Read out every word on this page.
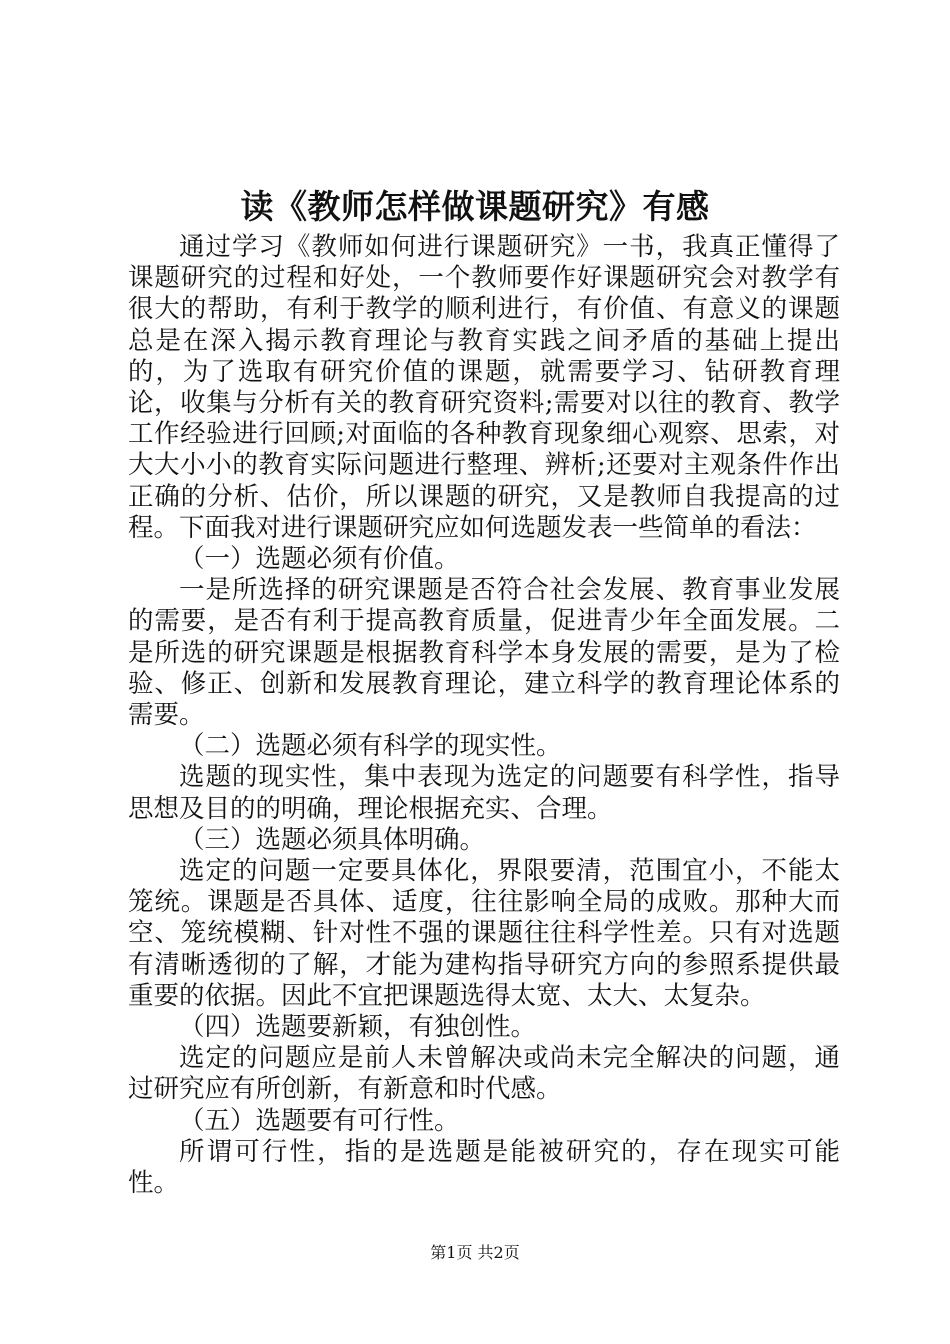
读《教师怎样做课题研究》有感

通过学习《教师如何进行课题研究》一书，我真正懂得了课题研究的过程和好处，一个教师要作好课题研究会对教学有很大的帮助，有利于教学的顺利进行，有价值、有意义的课题总是在深入揭示教育理论与教育实践之间矛盾的基础上提出的，为了选取有研究价值的课题，就需要学习、钻研教育理论，收集与分析有关的教育研究资料;需要对以往的教育、教学工作经验进行回顾;对面临的各种教育现象细心观察、思索，对大大小小的教育实际问题进行整理、辨析;还要对主观条件作出正确的分析、估价，所以课题的研究，又是教师自我提高的过程。下面我对进行课题研究应如何选题发表一些简单的看法：

（一）选题必须有价值。

一是所选择的研究课题是否符合社会发展、教育事业发展的需要，是否有利于提高教育质量，促进青少年全面发展。二是所选的研究课题是根据教育科学本身发展的需要，是为了检验、修正、创新和发展教育理论，建立科学的教育理论体系的需要。

（二）选题必须有科学的现实性。

选题的现实性，集中表现为选定的问题要有科学性，指导思想及目的的明确，理论根据充实、合理。

（三）选题必须具体明确。

选定的问题一定要具体化，界限要清，范围宜小，不能太笼统。课题是否具体、适度，往往影响全局的成败。那种大而空、笼统模糊、针对性不强的课题往往科学性差。只有对选题有清晰透彻的了解，才能为建构指导研究方向的参照系提供最重要的依据。因此不宜把课题选得太宽、太大、太复杂。

（四）选题要新颖，有独创性。

选定的问题应是前人未曾解决或尚未完全解决的问题，通过研究应有所创新，有新意和时代感。

（五）选题要有可行性。

所谓可行性，指的是选题是能被研究的，存在现实可能性。

第1页 共2页
